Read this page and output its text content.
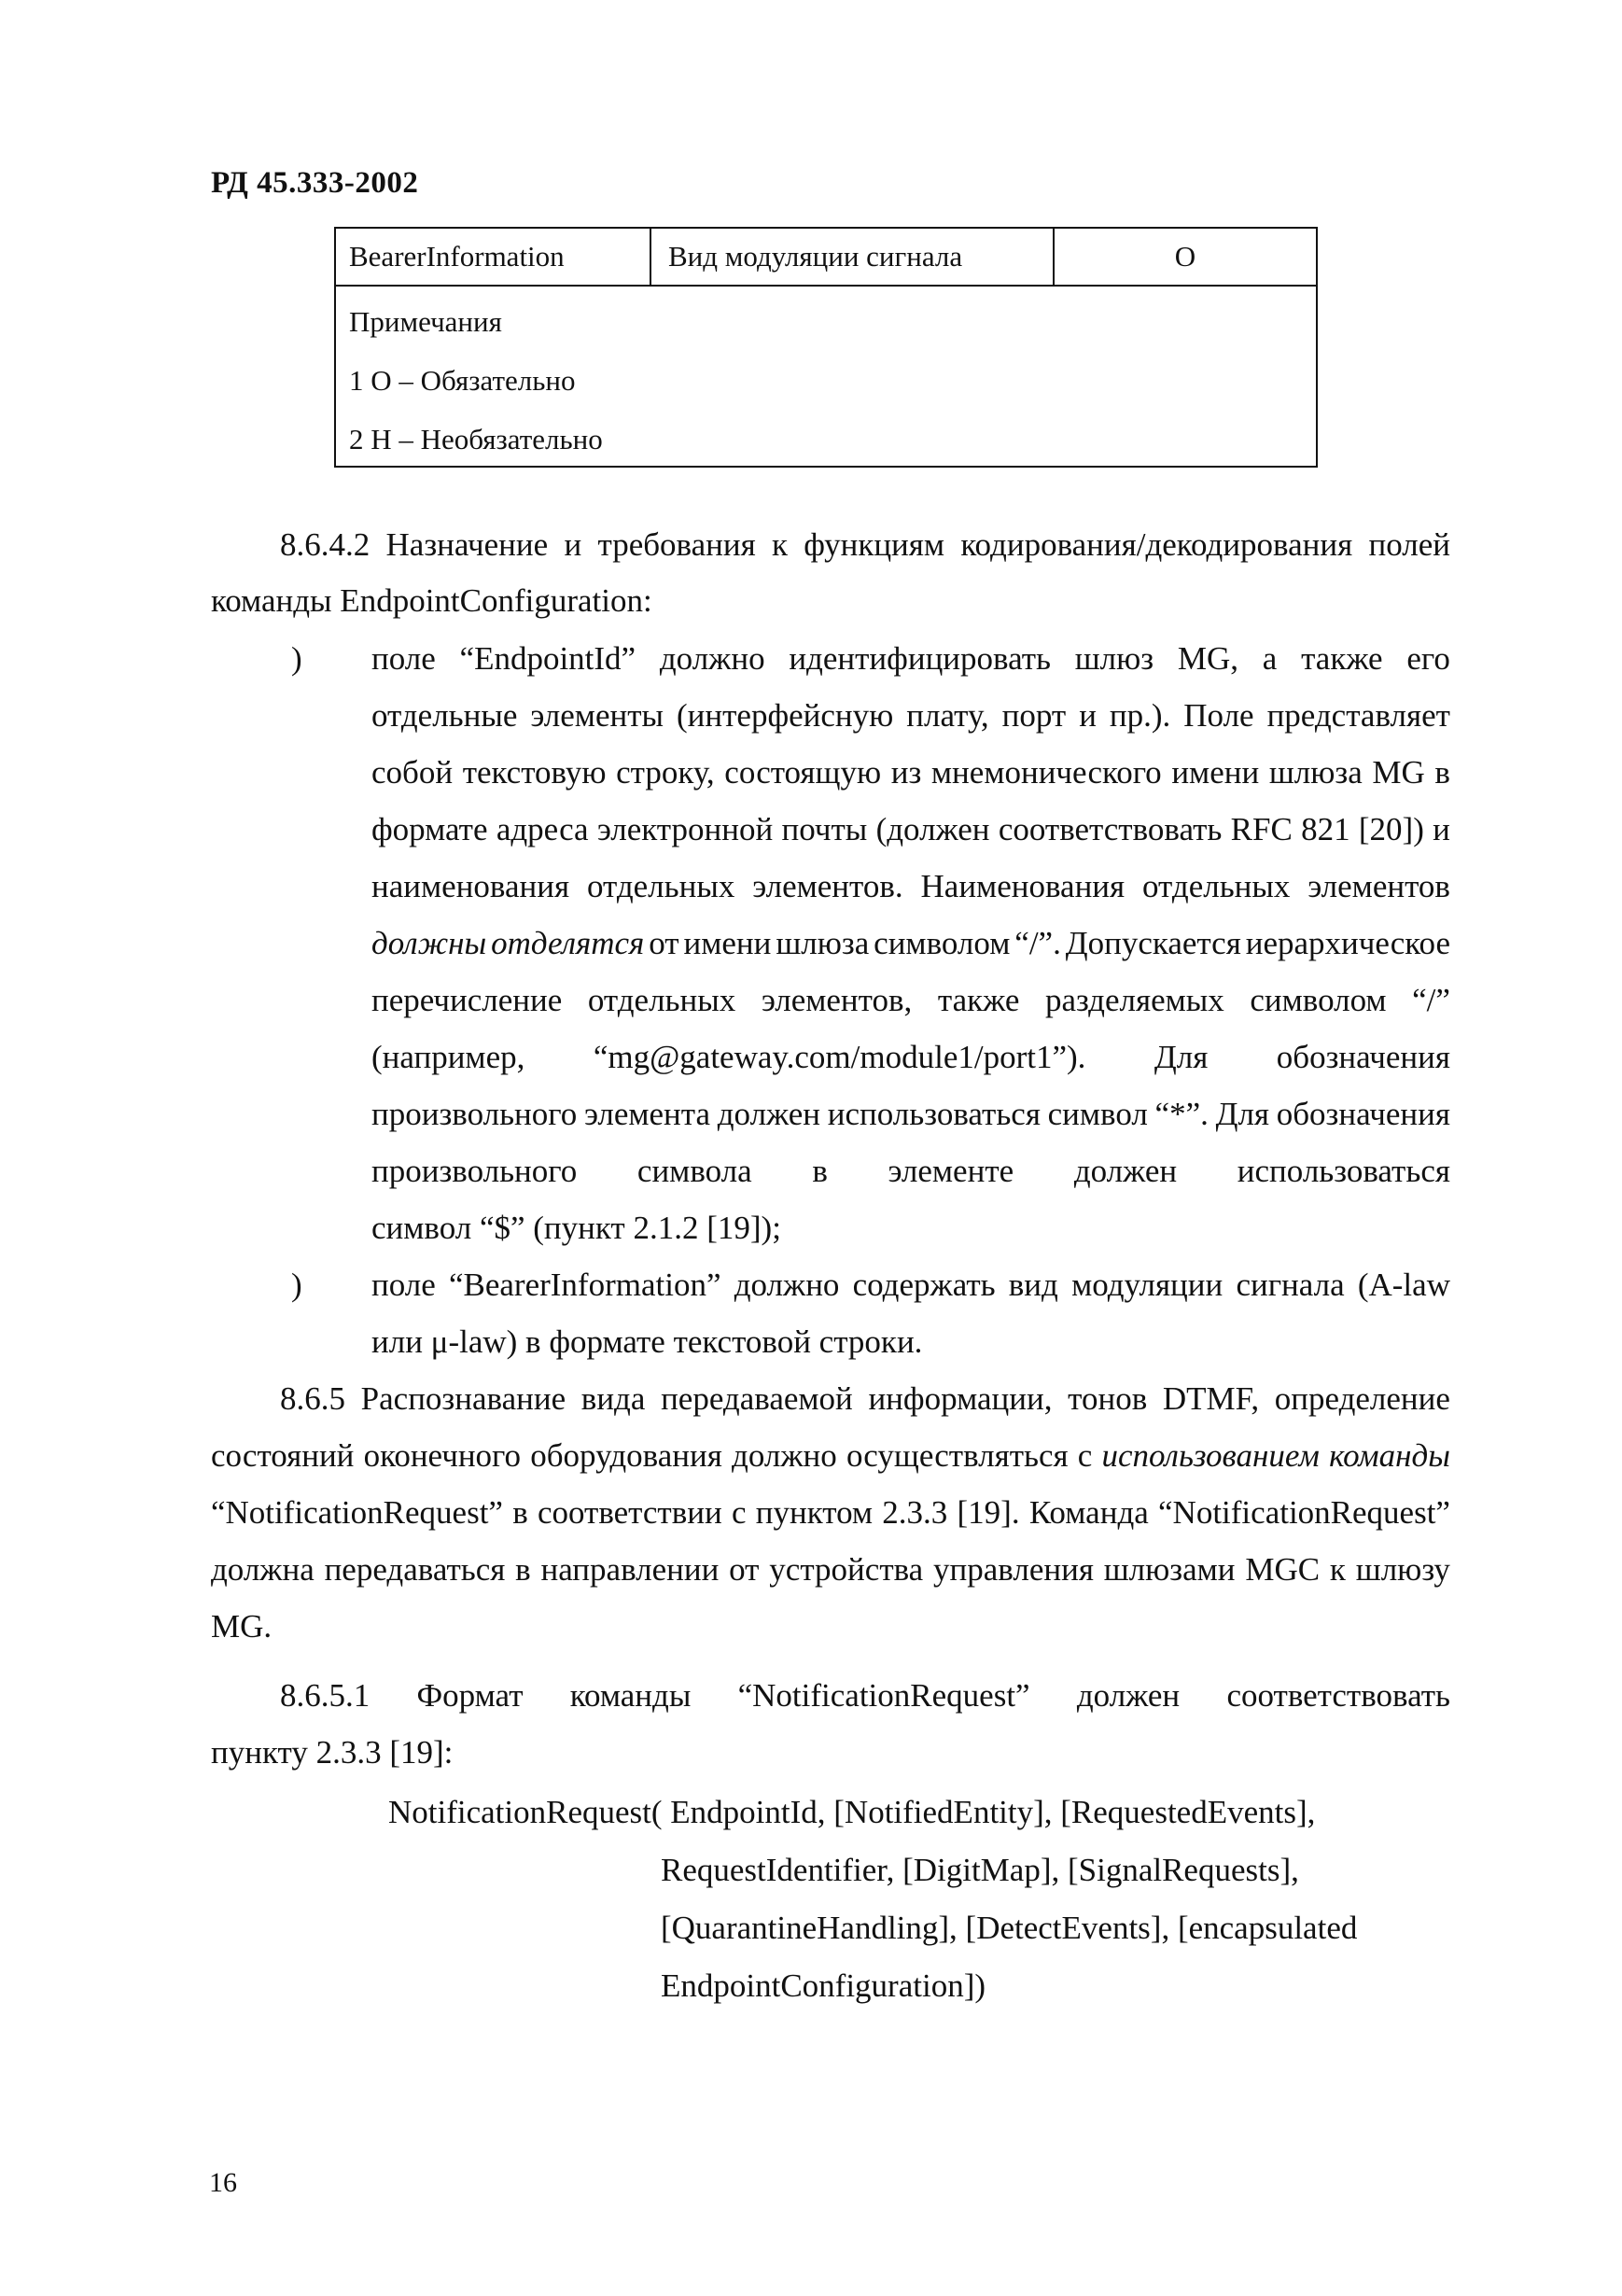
РД 45.333-2002
BearerInformation	Вид модуляции сигнала	О
Примечания
1 О – Обязательно
2 Н – Необязательно
8.6.4.2 Назначение и требования к функциям кодирования/декодирования полей
команды EndpointConfiguration:
) поле “EndpointId” должно идентифицировать шлюз MG, а также его
отдельные элементы (интерфейсную плату, порт и пр.). Поле представляет
собой текстовую строку, состоящую из мнемонического имени шлюза MG в
формате адреса электронной почты (должен соответствовать RFC 821 [20]) и
наименования отдельных элементов. Наименования отдельных элементов
должны отделятся от имени шлюза символом “/”. Допускается иерархическое
перечисление отдельных элементов, также разделяемых символом “/”
(например, “mg@gateway.com/module1/port1”). Для обозначения
произвольного элемента должен использоваться символ “*”. Для обозначения
произвольного символа в элементе должен использоваться
символ “$” (пункт 2.1.2 [19]);
) поле “BearerInformation” должно содержать вид модуляции сигнала (A-law
или μ-law) в формате текстовой строки.
8.6.5 Распознавание вида передаваемой информации, тонов DTMF, определение
состояний оконечного оборудования должно осуществляться с использованием команды
“NotificationRequest” в соответствии с пунктом 2.3.3 [19]. Команда “NotificationRequest”
должна передаваться в направлении от устройства управления шлюзами MGC к шлюзу
MG.
8.6.5.1 Формат команды “NotificationRequest” должен соответствовать
пункту 2.3.3 [19]:
NotificationRequest( EndpointId, [NotifiedEntity], [RequestedEvents],
RequestIdentifier, [DigitMap], [SignalRequests],
[QuarantineHandling], [DetectEvents], [encapsulated
EndpointConfiguration])
16
